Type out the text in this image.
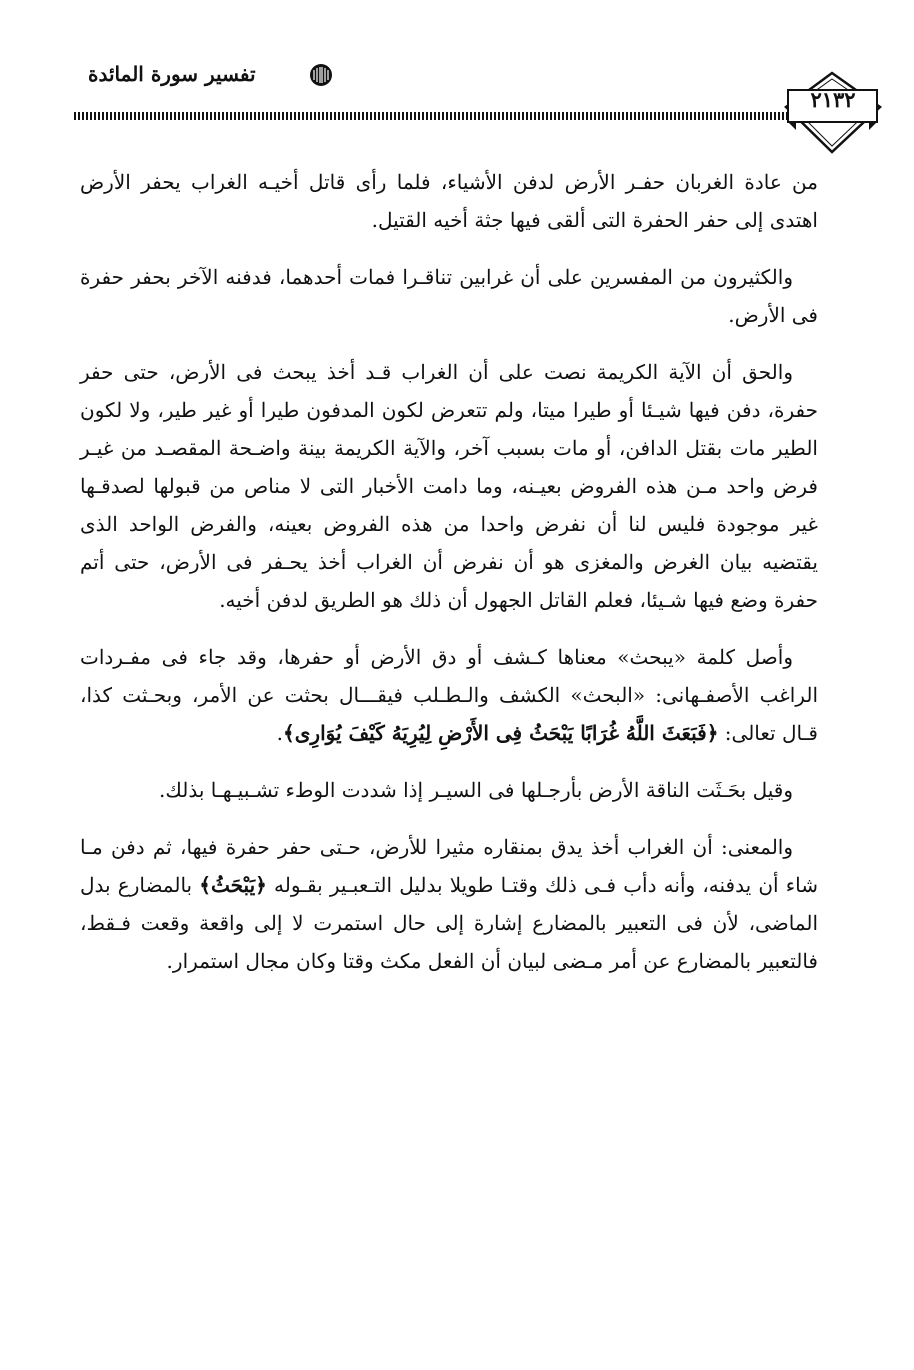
تفسير سورة المائدة
٢١٣٢

من عادة الغربان حفـر الأرض لدفن الأشياء، فلما رأى قاتل أخيـه الغراب يحفر الأرض اهتدى إلى حفر الحفرة التى ألقى فيها جثة أخيه القتيل.

والكثيرون من المفسرين على أن غرابين تناقـرا فمات أحدهما، فدفنه الآخر بحفر حفرة فى الأرض.

والحق أن الآية الكريمة نصت على أن الغراب قـد أخذ يبحث فى الأرض، حتى حفر حفرة، دفن فيها شيـئا أو طيرا ميتا، ولم تتعرض لكون المدفون طيرا أو غير طير، ولا لكون الطير مات بقتل الدافن، أو مات بسبب آخر، والآية الكريمة بينة واضـحة المقصـد من غيـر فرض واحد مـن هذه الفروض بعيـنه، وما دامت الأخبار التى لا مناص من قبولها لصدقـها غير موجودة فليس لنا أن نفرض واحدا من هذه الفروض بعينه، والفرض الواحد الذى يقتضيه بيان الغرض والمغزى هو أن نفرض أن الغراب أخذ يحـفر فى الأرض، حتى أتم حفرة وضع فيها شـيئا، فعلم القاتل الجهول أن ذلك هو الطريق لدفن أخيه.

وأصل كلمة «يبحث» معناها كـشف أو دق الأرض أو حفرها، وقد جاء فى مفـردات الراغب الأصفـهانى: «البحث» الكشف والـطـلب فيقـــال بحثت عن الأمر، وبحـثت كذا، قـال تعالى: ﴿فَبَعَثَ اللَّهُ غُرَابًا يَبْحَثُ فِى الأَرْضِ لِيُرِيَهُ كَيْفَ يُوَارِى﴾.

وقيل بحَـثَت الناقة الأرض بأرجـلها فى السيـر إذا شددت الوطء تشـبيـهـا بذلك.

والمعنى: أن الغراب أخذ يدق بمنقاره مثيرا للأرض، حـتى حفر حفرة فيها، ثم دفن مـا شاء أن يدفنه، وأنه دأب فـى ذلك وقتـا طويلا بدليل التـعبـير بقـوله ﴿يَبْحَثُ﴾ بالمضارع بدل الماضى، لأن فى التعبير بالمضارع إشارة إلى حال استمرت لا إلى واقعة وقعت فـقط، فالتعبير بالمضارع عن أمر مـضى لبيان أن الفعل مكث وقتا وكان مجال استمرار.
